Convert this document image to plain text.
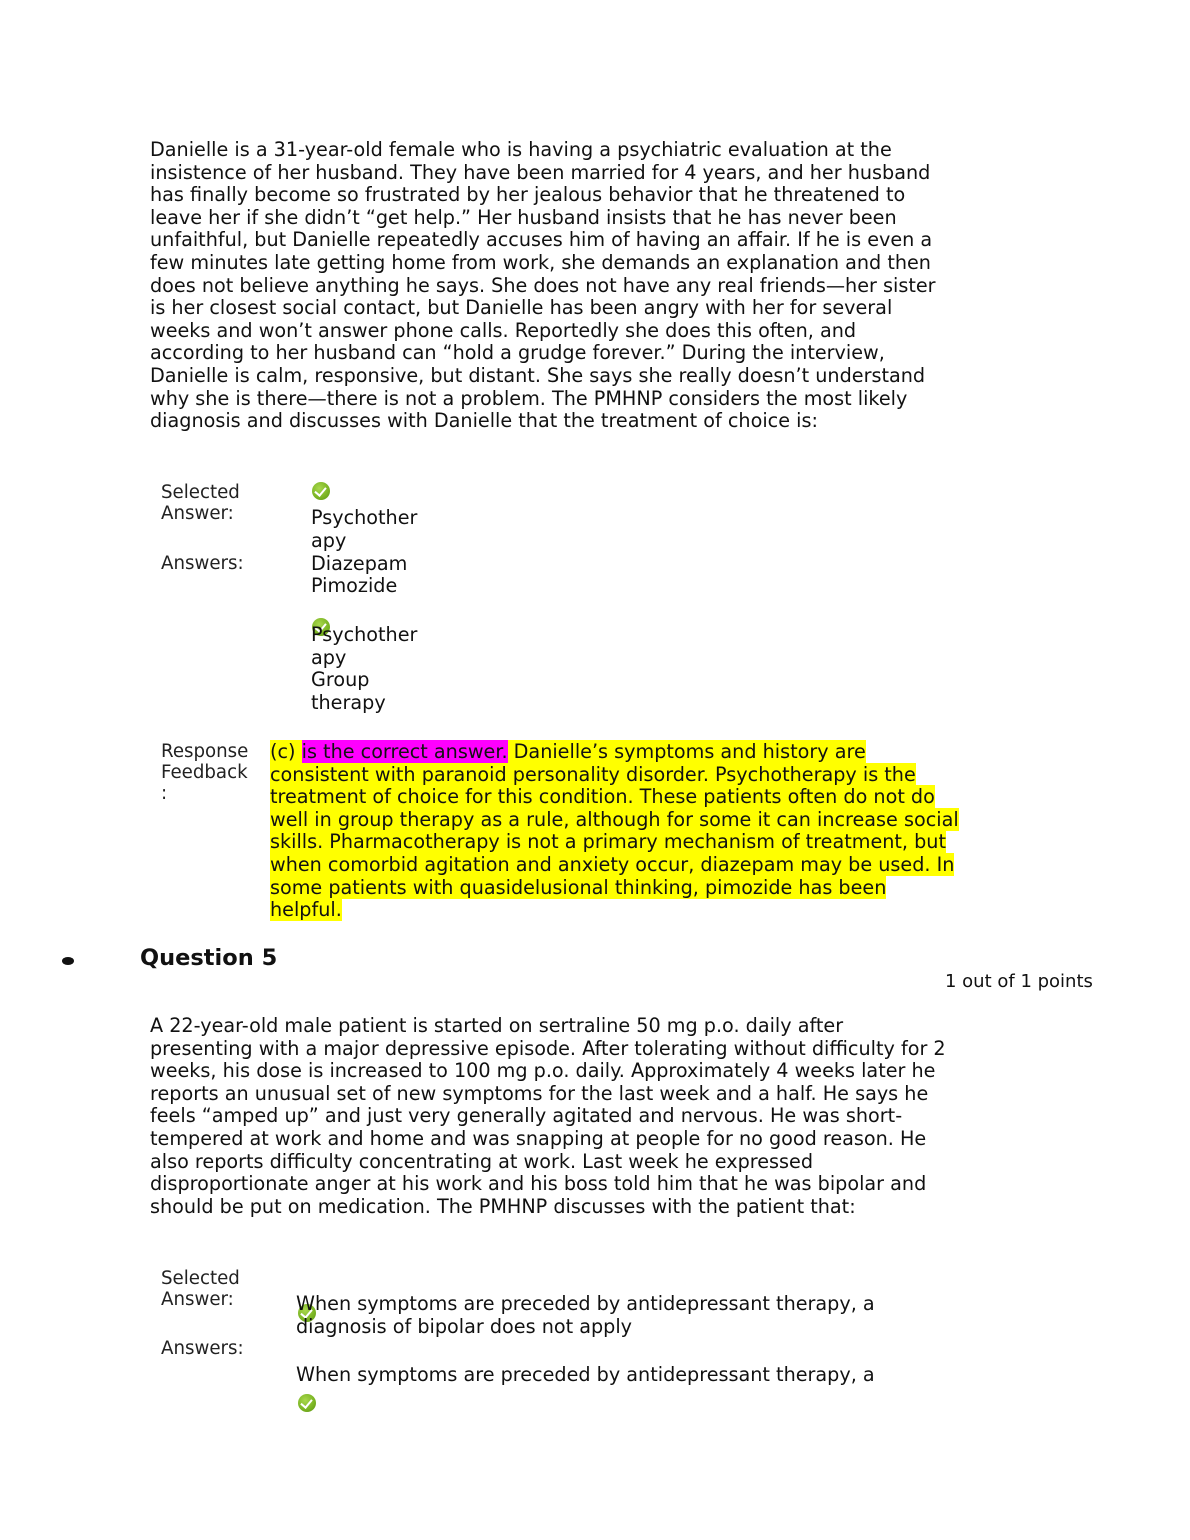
Danielle is a 31-year-old female who is having a psychiatric evaluation at the
insistence of her husband. They have been married for 4 years, and her husband
has finally become so frustrated by her jealous behavior that he threatened to
leave her if she didn’t “get help.” Her husband insists that he has never been
unfaithful, but Danielle repeatedly accuses him of having an affair. If he is even a
few minutes late getting home from work, she demands an explanation and then
does not believe anything he says. She does not have any real friends—her sister
is her closest social contact, but Danielle has been angry with her for several
weeks and won’t answer phone calls. Reportedly she does this often, and
according to her husband can “hold a grudge forever.” During the interview,
Danielle is calm, responsive, but distant. She says she really doesn’t understand
why she is there—there is not a problem. The PMHNP considers the most likely
diagnosis and discusses with Danielle that the treatment of choice is:
Selected
Answer:	Psychother
apy
Answers:	Diazepam
Pimozide
Psychother
apy
Group
therapy
Response
Feedback
:
(c) is the correct answer. Danielle’s symptoms and history are
consistent with paranoid personality disorder. Psychotherapy is the
treatment of choice for this condition. These patients often do not do
well in group therapy as a rule, although for some it can increase social
skills. Pharmacotherapy is not a primary mechanism of treatment, but
when comorbid agitation and anxiety occur, diazepam may be used. In
some patients with quasidelusional thinking, pimozide has been
helpful.
Question 5
1 out of 1 points
A 22-year-old male patient is started on sertraline 50 mg p.o. daily after
presenting with a major depressive episode. After tolerating without difficulty for 2
weeks, his dose is increased to 100 mg p.o. daily. Approximately 4 weeks later he
reports an unusual set of new symptoms for the last week and a half. He says he
feels “amped up” and just very generally agitated and nervous. He was short-
tempered at work and home and was snapping at people for no good reason. He
also reports difficulty concentrating at work. Last week he expressed
disproportionate anger at his work and his boss told him that he was bipolar and
should be put on medication. The PMHNP discusses with the patient that:
Selected
Answer:	When symptoms are preceded by antidepressant therapy, a
diagnosis of bipolar does not apply
Answers:
When symptoms are preceded by antidepressant therapy, a
